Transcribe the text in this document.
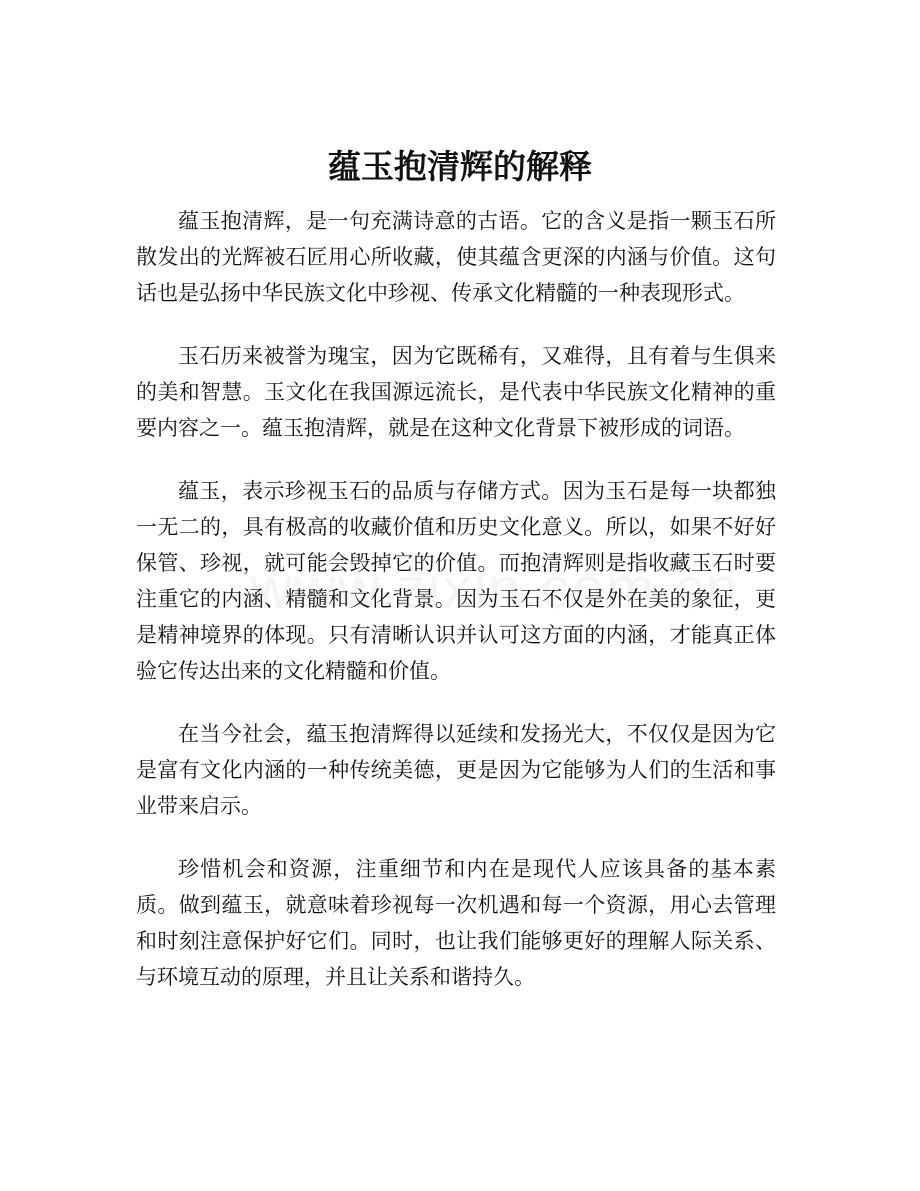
蕴玉抱清辉的解释

蕴玉抱清辉，是一句充满诗意的古语。它的含义是指一颗玉石所散发出的光辉被石匠用心所收藏，使其蕴含更深的内涵与价值。这句话也是弘扬中华民族文化中珍视、传承文化精髓的一种表现形式。

玉石历来被誉为瑰宝，因为它既稀有，又难得，且有着与生俱来的美和智慧。玉文化在我国源远流长，是代表中华民族文化精神的重要内容之一。蕴玉抱清辉，就是在这种文化背景下被形成的词语。

蕴玉，表示珍视玉石的品质与存储方式。因为玉石是每一块都独一无二的，具有极高的收藏价值和历史文化意义。所以，如果不好好保管、珍视，就可能会毁掉它的价值。而抱清辉则是指收藏玉石时要注重它的内涵、精髓和文化背景。因为玉石不仅是外在美的象征，更是精神境界的体现。只有清晰认识并认可这方面的内涵，才能真正体验它传达出来的文化精髓和价值。

在当今社会，蕴玉抱清辉得以延续和发扬光大，不仅仅是因为它是富有文化内涵的一种传统美德，更是因为它能够为人们的生活和事业带来启示。

珍惜机会和资源，注重细节和内在是现代人应该具备的基本素质。做到蕴玉，就意味着珍视每一次机遇和每一个资源，用心去管理和时刻注意保护好它们。同时，也让我们能够更好的理解人际关系、与环境互动的原理，并且让关系和谐持久。
